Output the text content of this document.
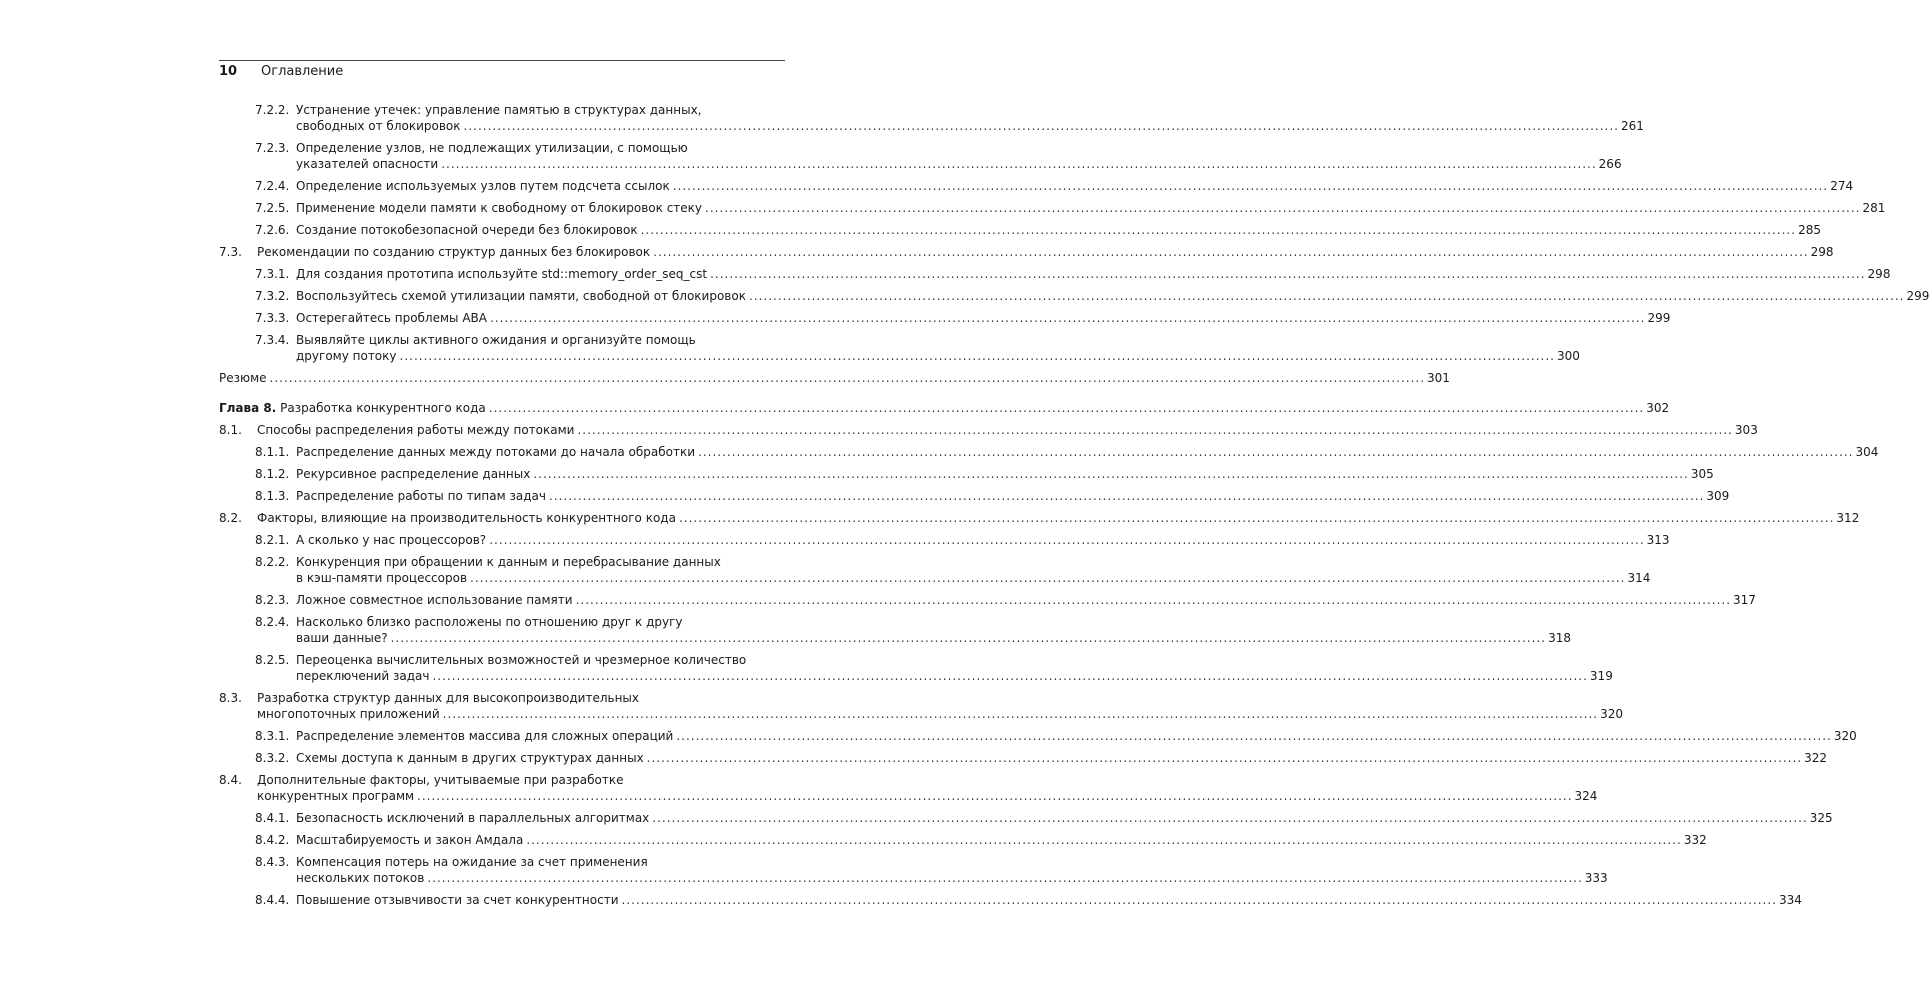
10 Оглавление
7.2.2. Устранение утечек: управление памятью в структурах данных,
свободных от блокировок .....	261
7.2.3. Определение узлов, не подлежащих утилизации, с помощью
указателей опасности .....	266
7.2.4. Определение используемых узлов путем подсчета ссылок .....	274
7.2.5. Применение модели памяти к свободному от блокировок стеку .....	281
7.2.6. Создание потокобезопасной очереди без блокировок .....	285
7.3. Рекомендации по созданию структур данных без блокировок .....	298
7.3.1. Для создания прототипа используйте std::memory_order_seq_cst .....	298
7.3.2. Воспользуйтесь схемой утилизации памяти, свободной от блокировок .....	299
7.3.3. Остерегайтесь проблемы ABA .....	299
7.3.4. Выявляйте циклы активного ожидания и организуйте помощь
другому потоку .....	300
Резюме .....	301
Глава 8. Разработка конкурентного кода .....	302
8.1. Способы распределения работы между потоками .....	303
8.1.1. Распределение данных между потоками до начала обработки .....	304
8.1.2. Рекурсивное распределение данных .....	305
8.1.3. Распределение работы по типам задач .....	309
8.2. Факторы, влияющие на производительность конкурентного кода .....	312
8.2.1. А сколько у нас процессоров? .....	313
8.2.2. Конкуренция при обращении к данным и перебрасывание данных
в кэш-памяти процессоров .....	314
8.2.3. Ложное совместное использование памяти .....	317
8.2.4. Насколько близко расположены по отношению друг к другу
ваши данные? .....	318
8.2.5. Переоценка вычислительных возможностей и чрезмерное количество
переключений задач .....	319
8.3. Разработка структур данных для высокопроизводительных
многопоточных приложений .....	320
8.3.1. Распределение элементов массива для сложных операций .....	320
8.3.2. Схемы доступа к данным в других структурах данных .....	322
8.4. Дополнительные факторы, учитываемые при разработке
конкурентных программ .....	324
8.4.1. Безопасность исключений в параллельных алгоритмах .....	325
8.4.2. Масштабируемость и закон Амдала .....	332
8.4.3. Компенсация потерь на ожидание за счет применения
нескольких потоков .....	333
8.4.4. Повышение отзывчивости за счет конкурентности .....	334
